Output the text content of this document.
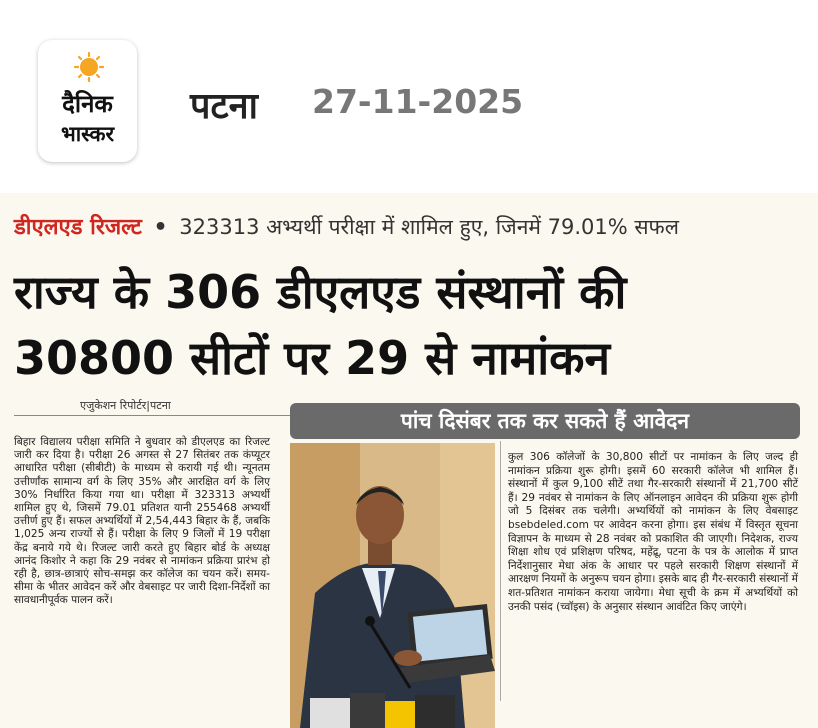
दैनिक
भास्कर
पटना 27-11-2025
डीएलएड रिजल्ट • 323313 अभ्यर्थी परीक्षा में शामिल हुए, जिनमें 79.01% सफल
राज्य के 306 डीएलएड संस्थानों की
30800 सीटों पर 29 से नामांकन
एजुकेशन रिपोर्टर|पटना
बिहार विद्यालय परीक्षा समिति ने बुधवार को डीएलएड का रिजल्ट जारी कर दिया है। परीक्षा 26 अगस्त से 27 सितंबर तक कंप्यूटर आधारित परीक्षा (सीबीटी) के माध्यम से करायी गई थी। न्यूनतम उत्तीर्णांक सामान्य वर्ग के लिए 35% और आरक्षित वर्ग के लिए 30% निर्धारित किया गया था। परीक्षा में 323313 अभ्यर्थी शामिल हुए थे, जिसमें 79.01 प्रतिशत यानी 255468 अभ्यर्थी उत्तीर्ण हुए हैं। सफल अभ्यर्थियों में 2,54,443 बिहार के हैं, जबकि 1,025 अन्य राज्यों से हैं। परीक्षा के लिए 9 जिलों में 19 परीक्षा केंद्र बनाये गये थे। रिजल्ट जारी करते हुए बिहार बोर्ड के अध्यक्ष आनंद किशोर ने कहा कि 29 नवंबर से नामांकन प्रक्रिया प्रारंभ हो रही है, छात्र-छात्राएं सोच-समझ कर कॉलेज का चयन करें। समय-सीमा के भीतर आवेदन करें और वेबसाइट पर जारी दिशा-निर्देशों का सावधानीपूर्वक पालन करें।
पांच दिसंबर तक कर सकते हैं आवेदन
कुल 306 कॉलेजों के 30,800 सीटों पर नामांकन के लिए जल्द ही नामांकन प्रक्रिया शुरू होगी। इसमें 60 सरकारी कॉलेज भी शामिल हैं। संस्थानों में कुल 9,100 सीटें तथा गैर-सरकारी संस्थानों में 21,700 सीटें हैं। 29 नवंबर से नामांकन के लिए ऑनलाइन आवेदन की प्रक्रिया शुरू होगी जो 5 दिसंबर तक चलेगी। अभ्यर्थियों को नामांकन के लिए वेबसाइट bsebdeled.com पर आवेदन करना होगा। इस संबंध में विस्तृत सूचना विज्ञापन के माध्यम से 28 नवंबर को प्रकाशित की जाएगी। निदेशक, राज्य शिक्षा शोध एवं प्रशिक्षण परिषद, महेंद्रू, पटना के पत्र के आलोक में प्राप्त निर्देशानुसार मेधा अंक के आधार पर पहले सरकारी शिक्षण संस्थानों में आरक्षण नियमों के अनुरूप चयन होगा। इसके बाद ही गैर-सरकारी संस्थानों में शत-प्रतिशत नामांकन कराया जायेगा। मेधा सूची के क्रम में अभ्यर्थियों को उनकी पसंद (च्वॉइस) के अनुसार संस्थान आवंटित किए जाएंगे।
